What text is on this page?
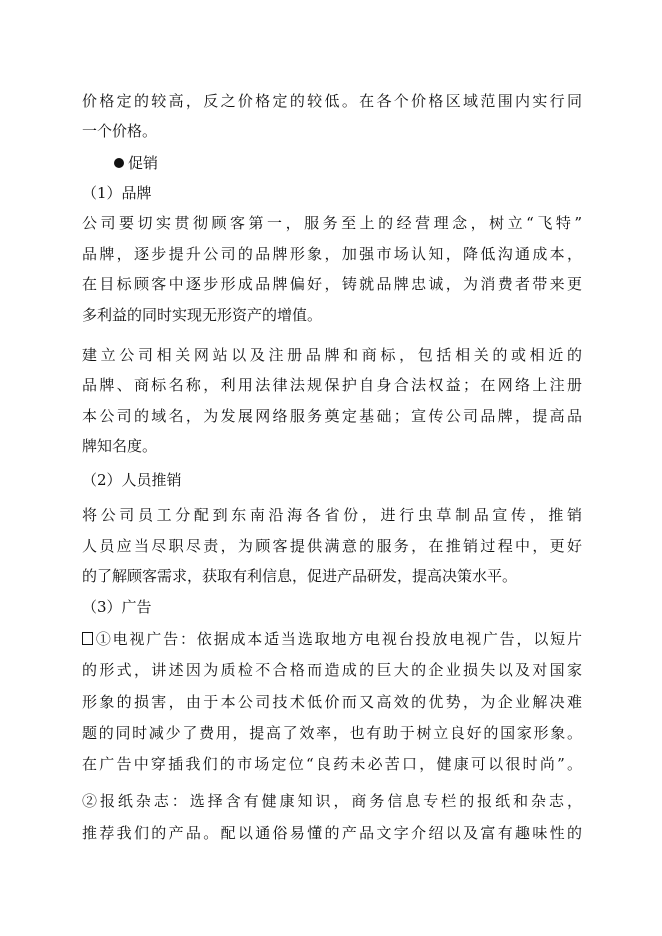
价格定的较高，反之价格定的较低。在各个价格区域范围内实行同
一个价格。
促销
（1）品牌
公司要切实贯彻顾客第一，服务至上的经营理念，树立“飞特”
品牌，逐步提升公司的品牌形象，加强市场认知，降低沟通成本，
在目标顾客中逐步形成品牌偏好，铸就品牌忠诚，为消费者带来更
多利益的同时实现无形资产的增值。
建立公司相关网站以及注册品牌和商标，包括相关的或相近的
品牌、商标名称，利用法律法规保护自身合法权益；在网络上注册
本公司的域名，为发展网络服务奠定基础；宣传公司品牌，提高品
牌知名度。
（2）人员推销
将公司员工分配到东南沿海各省份，进行虫草制品宣传，推销
人员应当尽职尽责，为顾客提供满意的服务，在推销过程中，更好
的了解顾客需求，获取有利信息，促进产品研发，提高决策水平。
（3）广告
①电视广告：依据成本适当选取地方电视台投放电视广告，以短片
的形式，讲述因为质检不合格而造成的巨大的企业损失以及对国家
形象的损害，由于本公司技术低价而又高效的优势，为企业解决难
题的同时减少了费用，提高了效率，也有助于树立良好的国家形象。
在广告中穿插我们的市场定位“良药未必苦口，健康可以很时尚”。
②报纸杂志：选择含有健康知识，商务信息专栏的报纸和杂志，
推荐我们的产品。配以通俗易懂的产品文字介绍以及富有趣味性的
